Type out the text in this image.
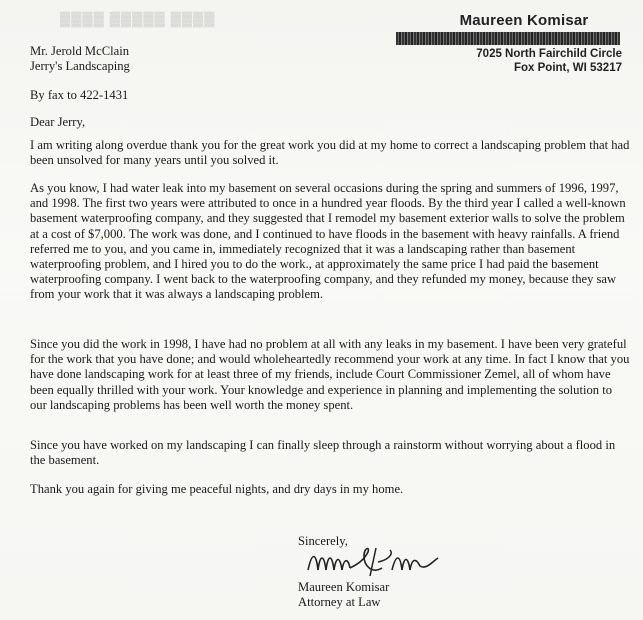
▓▓▓▓ ▓▓▓▓▓ ▓▓▓▓	Maureen Komisar
7025 North Fairchild Circle
Fox Point, WI 53217
Mr. Jerold McClain
Jerry's Landscaping
By fax to 422-1431
Dear Jerry,

I am writing along overdue thank you for the great work you did at my home to correct a landscaping problem that had been unsolved for many years until you solved it.

As you know, I had water leak into my basement on several occasions during the spring and summers of 1996, 1997, and 1998. The first two years were attributed to once in a hundred year floods. By the third year I called a well-known basement waterproofing company, and they suggested that I remodel my basement exterior walls to solve the problem at a cost of $7,000. The work was done, and I continued to have floods in the basement with heavy rainfalls. A friend referred me to you, and you came in, immediately recognized that it was a landscaping rather than basement waterproofing problem, and I hired you to do the work., at approximately the same price I had paid the basement waterproofing company. I went back to the waterproofing company, and they refunded my money, because they saw from your work that it was always a landscaping problem.

Since you did the work in 1998, I have had no problem at all with any leaks in my basement. I have been very grateful for the work that you have done; and would wholeheartedly recommend your work at any time. In fact I know that you have done landscaping work for at least three of my friends, include Court Commissioner Zemel, all of whom have been equally thrilled with your work. Your knowledge and experience in planning and implementing the solution to our landscaping problems has been well worth the money spent.

Since you have worked on my landscaping I can finally sleep through a rainstorm without worrying about a flood in the basement.

Thank you again for giving me peaceful nights, and dry days in my home.

Sincerely,
Maureen Komisar
Attorney at Law
